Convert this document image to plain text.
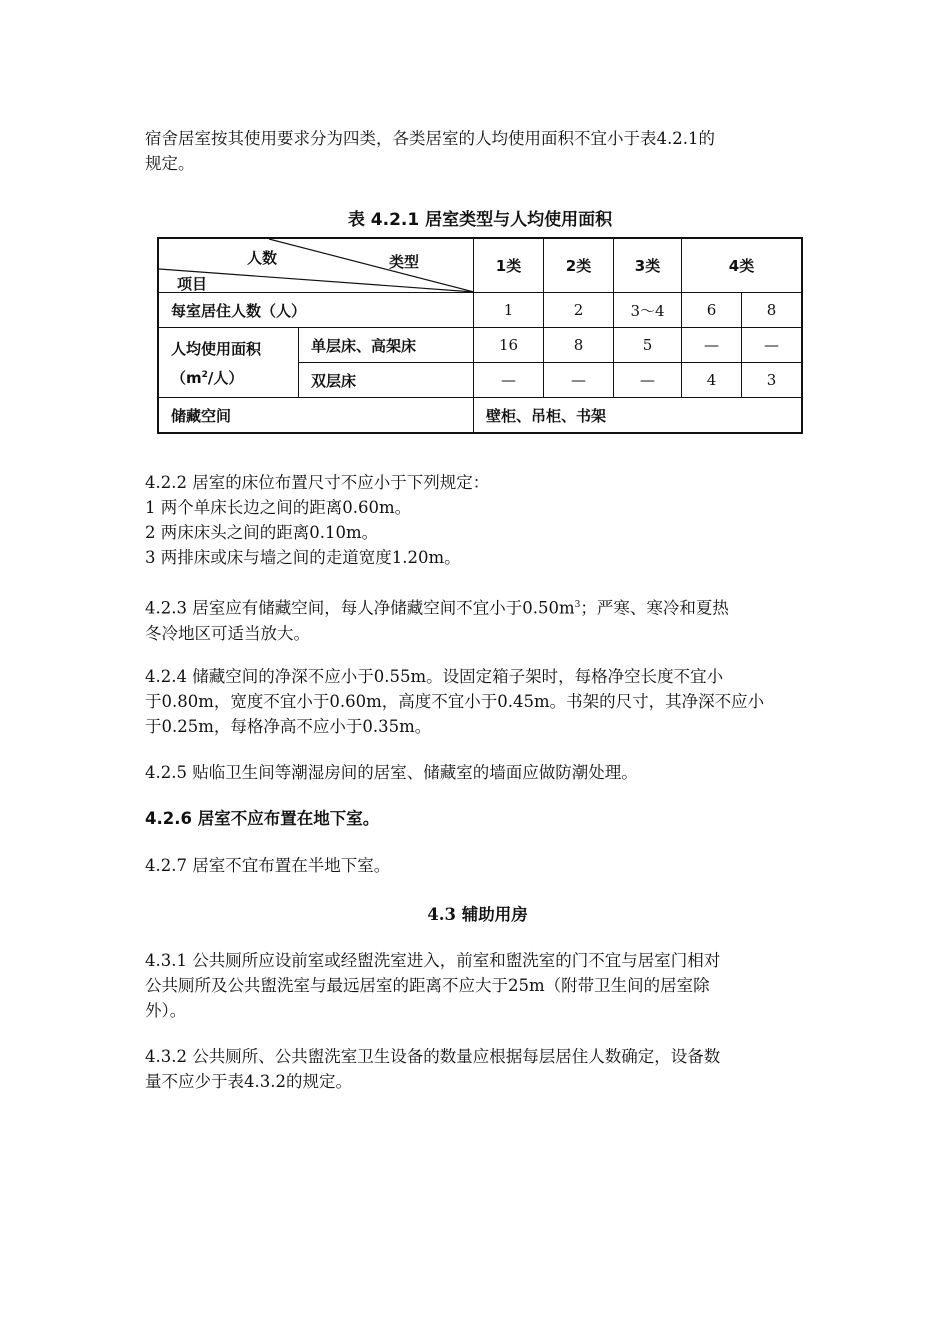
宿舍居室按其使用要求分为四类，各类居室的人均使用面积不宜小于表4.2.1的
规定。

表 4.2.1 居室类型与人均使用面积
人数 类型
项目		1类	2类	3类	4类	
每室居住人数（人）		1	2	3～4	6	8

人均使用面积
（$m^2/$人）	单层床、高架床	16	8	5	—	—
	双层床	—	—	—	4	3
储藏空间		壁柜、吊柜、书架				

4.2.2 居室的床位布置尺寸不应小于下列规定：
1 两个单床长边之间的距离0.60m。
2 两床床头之间的距离0.10m。
3 两排床或床与墙之间的走道宽度1.20m。

4.2.3 居室应有储藏空间，每人净储藏空间不宜小于$0.50m^3$；严寒、寒冷和夏热
冬冷地区可适当放大。

4.2.4 储藏空间的净深不应小于0.55m。设固定箱子架时，每格净空长度不宜小
于0.80m，宽度不宜小于0.60m，高度不宜小于0.45m。书架的尺寸，其净深不应小
于0.25m，每格净高不应小于0.35m。

4.2.5 贴临卫生间等潮湿房间的居室、储藏室的墙面应做防潮处理。

4.2.6 居室不应布置在地下室。

4.2.7 居室不宜布置在半地下室。

4.3 辅助用房

4.3.1 公共厕所应设前室或经盥洗室进入，前室和盥洗室的门不宜与居室门相对
公共厕所及公共盥洗室与最远居室的距离不应大于25m（附带卫生间的居室除
外）。

4.3.2 公共厕所、公共盥洗室卫生设备的数量应根据每层居住人数确定，设备数
量不应少于表4.3.2的规定。
